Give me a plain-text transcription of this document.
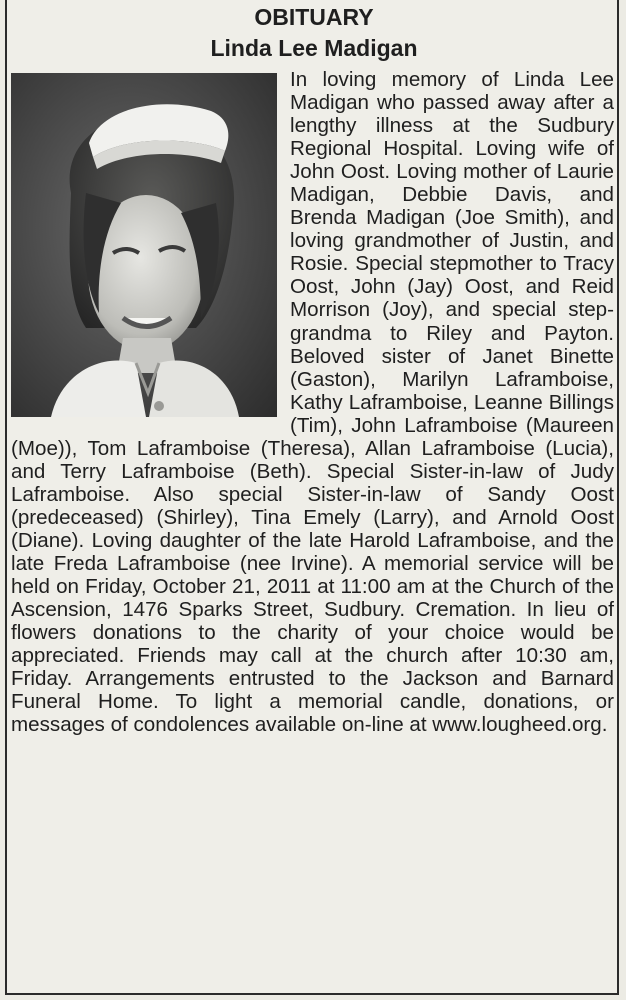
OBITUARY
Linda Lee Madigan

In loving memory of Linda Lee Madigan who passed away after a lengthy illness at the Sudbury Regional Hospital. Loving wife of John Oost. Loving mother of Laurie Madigan, Debbie Davis, and Brenda Madigan (Joe Smith), and loving grandmother of Justin, and Rosie. Special stepmother to Tracy Oost, John (Jay) Oost, and Reid Morrison (Joy), and special step-grandma to Riley and Payton. Beloved sister of Janet Binette (Gaston), Marilyn Laframboise, Kathy Laframboise, Leanne Billings (Tim), John Laframboise (Maureen (Moe)), Tom Laframboise (Theresa), Allan Laframboise (Lucia), and Terry Laframboise (Beth). Special Sister-in-law of Judy Laframboise. Also special Sister-in-law of Sandy Oost (predeceased) (Shirley), Tina Emely (Larry), and Arnold Oost (Diane). Loving daughter of the late Harold Laframboise, and the late Freda Laframboise (nee Irvine). A memorial service will be held on Friday, October 21, 2011 at 11:00 am at the Church of the Ascension, 1476 Sparks Street, Sudbury. Cremation. In lieu of flowers donations to the charity of your choice would be appreciated. Friends may call at the church after 10:30 am, Friday. Arrangements entrusted to the Jackson and Barnard Funeral Home. To light a memorial candle, donations, or messages of condolences available on-line at www.lougheed.org.
